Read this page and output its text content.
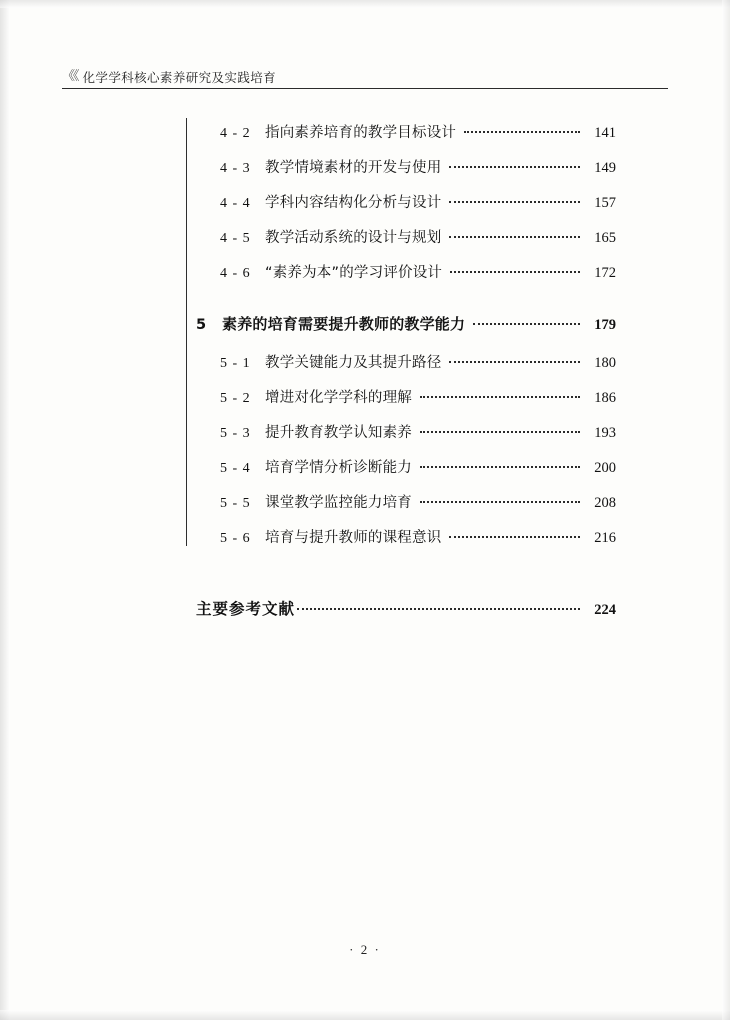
《《 化学学科核心素养研究及实践培育
4 - 2 指向素养培育的教学目标设计	141
4 - 3 教学情境素材的开发与使用	149
4 - 4 学科内容结构化分析与设计	157
4 - 5 教学活动系统的设计与规划	165
4 - 6 “素养为本”的学习评价设计	172
5 素养的培育需要提升教师的教学能力	179
5 - 1 教学关键能力及其提升路径	180
5 - 2 增进对化学学科的理解	186
5 - 3 提升教育教学认知素养	193
5 - 4 培育学情分析诊断能力	200
5 - 5 课堂教学监控能力培育	208
5 - 6 培育与提升教师的课程意识	216
主要参考文献	224
· 2 ·
